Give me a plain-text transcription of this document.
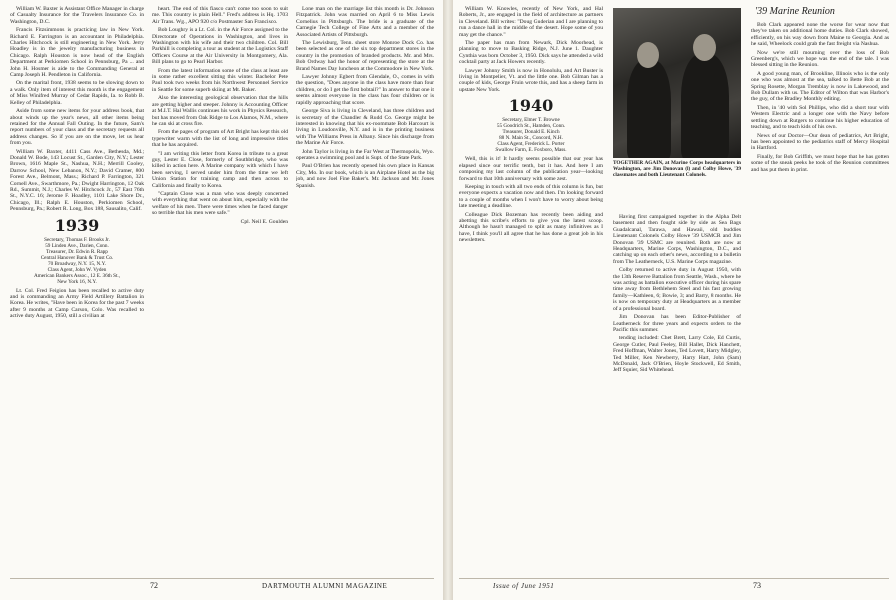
William W. Baxter is Assistant Office Manager in charge of Casualty Insurance for the Travelers Insurance Co. in Washington, D.C.

Francis Fitzsimmons is practicing law in New York. Richard E. Farrington is an accountant in Philadelphia. Charles Hitchcock is still engineering in New York. Jerry Hoadley is in the jewelry manufacturing business in Chicago. Ralph Houston is now head of the English Department at Perkiomen School in Pennsburg, Pa ... and John H. Hosmer is aide to the Commanding General at Camp Joseph H. Pendleton in California.

On the marital front, 1938 seems to be slowing down to a walk. Only item of interest this month is the engagement of Miss Winifred Murray of Cedar Rapids, Ia. to Robb B. Kelley of Philadelphia.

Aside from some new items for your address book, that about winds up the year's news, all other items being retained for the Annual Fall Outing. In the future, Sam's report numbers of your class and the secretary requests all address changes. So if you are on the move, let us hear from you.

William W. Baxter, 4411 Cass Ave., Bethesda, Md.; Donald W. Bode, 143 Locust St., Garden City, N.Y.; Lester Brown, 1616 Maple St., Nashua, N.H.; Merrill Cooley, Darrow School, New Lebanon, N.Y.; David Cramer, 800 Forest Ave., Belmont, Mass.; Richard P. Farrington, 321 Cornell Ave., Swarthmore, Pa.; Dwight Harrington, 12 Oak Rd., Summit, N.J.; Charles W. Hitchcock Jr., 57 East 76th St., N.Y.C. 16; Jerome F. Hoadley, 1101 Lake Shore Dr., Chicago, Ill.; Ralph E. Houston, Perkiomen School, Pennsburg, Pa.; Robert R. Long, Box 188, Sausalito, Calif.

1939

Secretary, Thomas F. Brooks Jr.

59 Linden Ave., Darien, Conn.

Treasurer, Dr. Edwin R. Rapp

Central Hanover Bank & Trust Co.

70 Broadway, N.Y. 15, N.Y.

Class Agent, John W. Vyden

American Bankers Assoc., 12 E. 36th St.,

New York 16, N.Y.

Lt. Col. Fred Feigion has been recalled to active duty and is commanding an Army Field Artillery Battalion in Korea. He writes, "Have been in Korea for the past 7 weeks after 9 months at Camp Carson, Colo. Was recalled to active duty August, 1950, still a civilian at

heart. The end of this fiasco can't come too soon to suit me. This country is plain Hell." Fred's address is Hq. 1703 Air Trans. Wg., APO 920 c/o Postmaster San Francisco.

Bob Loughry is a Lt. Col. in the Air Force assigned to the Directorate of Operations in Washington, and lives in Washington with his wife and their two children. Col. Bill Parkhill is completing a tour as student at the Logistics Staff Officers Course at the Air University in Montgomery, Ala. Bill plans to go to Pearl Harbor.

From the latest information some of the class at least are in some rather excellent sitting this winter. Bachelor Pete Paul took two weeks from his Northwest Personnel Service in Seattle for some superb skiing at Mt. Baker.

Also the interesting geological observation that the hills are getting higher and steeper. Johnny is Accounting Officer at M.I.T. Hal Wallis continues his work in Physics Research, but has moved from Oak Ridge to Los Alamos, N.M., where he can ski at cross fire.

From the pages of program of Art Bright has kept this old typewriter warm with the list of long and impressive titles that he has acquired.

"I am writing this letter from Korea in tribute to a great guy, Lester E. Close, formerly of Southbridge, who was killed in action here. A Marine company with which I have been serving, I served under him from the time we left Union Station for training camp and then across to California and finally to Korea.

"Captain Close was a man who was deeply concerned with everything that went on about him, especially with the welfare of his men. There were times when he faced danger so terrible that his men were safe."

Cpl. Neil E. Goulden

Lone man on the marriage list this month is Dr. Johnson Fitzpatrick. John was married on April 6 to Miss Lewis Cornelius in Pittsburgh. The bride is a graduate of the Carnegie Tech College of Fine Arts and a member of the Associated Artists of Pittsburgh.

The Lewisburg, Tenn. sheet store Monroe Dock Co. has been selected as one of the six top department stores in the country in the promotion of branded products. Mr. and Mrs. Bob Ordway had the honor of representing the store at the Brand Names Day luncheon at the Commodore in New York.

Lawyer Johnny Egbert from Glendale, O., comes in with the question, "Does anyone in the class have more than four children, or do I get the first bobtail?" In answer to that one it seems almost everyone in the class has four children or is rapidly approaching that score.

George Siva is living in Cleveland, has three children and is secretary of the Chandler & Rudd Co. George might be interested in knowing that his ex-roommate Bob Harcourt is living in Loudonville, N.Y. and is in the printing business with The Williams Press in Albany. Since his discharge from the Marine Air Force.

John Taylor is living in the Far West at Thermopolis, Wyo. operates a swimming pool and is Supt. of the State Park.

Paul O'Brien has recently opened his own place in Kansas City, Mo. In our book, which is an Airplane Hotel as the big job, and now Joel Fine Baker's. Mr. Jackson and Mr. Jones Spanish.

72	DARTMOUTH ALUMNI MAGAZINE

William W. Knowles, recently of New York, and Hal Roberts, Jr., are engaged in the field of architecture as partners in Cleveland. Bill writes: "Doug Guderian and I are planning to run a dance hall in the middle of the desert. Hope some of you may get the chance."

The paper has man from Newark, Dick Moorhead, is planning to move to Basking Ridge, N.J. June 1. Daughter Cynthia was born October 3, 1950. Dick says he attended a wild cocktail party at Jack Howers recently.

Lawyer Johnny Smith is now in Honolulu, and Art Buster is living in Montpelier, Vt. and the little one. Bob Gilman has a couple of kids, George Fruin wrote this, and has a sheep farm in upstate New York.

1940

Secretary, Elmer T. Browne

55 Goodrich St., Hamden, Conn.

Treasurer, Donald E. Kinch

88 N. Main St., Concord, N.H.

Class Agent, Frederick L. Porter

Swallow Farm, E. Foxboro, Mass.

Well, this is it! It hardly seems possible that our year has elapsed since our terrific tenth, but it has. And here I am composing my last column of the publication year—looking forward to that 10th anniversary with some zest.

Keeping in touch with all two ends of this column is fun, but everyone expects a vacation now and then. I'm looking forward to a couple of months when I won't have to worry about being late meeting a deadline.

Colleague Dick Bozeman has recently been aiding and abetting this scribe's efforts to give you the latest scoop. Although he hasn't managed to split as many infinitives as I have, I think you'll all agree that he has done a great job in his newsletters.

'39 Marine Reunion
TOGETHER AGAIN, at Marine Corps headquarters in Washington, are Jim Donovan (l) and Colby Howe, '39 classmates and both Lieutenant Colonels.

Having first campaigned together in the Alpha Delt basement and then fought side by side as Sea Bags Guadalcanal, Tarawa, and Hawaii, old buddies Lieutenant Colonels Colby Howe '39 USMCR and Jim Donovan '39 USMC are reunited. Both are now at Headquarters, Marine Corps, Washington, D.C., and catching up on each other's news, according to a bulletin from The Leatherneck, U.S. Marine Corps magazine.

Colby returned to active duty in August 1950, with the 13th Reserve Battalion from Seattle, Wash., where he was acting as battalion executive officer during his spare time away from Bethlehem Steel and his fast growing family—Kathleen, 6; Bowie, 3; and Barry, 8 months. He is now on temporary duty at Headquarters as a member of a professional board.

Jim Donovan has been Editor-Publisher of Leatherneck for three years and expects orders to the Pacific this summer.

tending included: Chet Brett, Larry Cole, Ed Curtis, George Cutler, Paul Feeley, Bill Hallet, Dick Hanchett, Fred Hoffman, Walter Jones, Ted Lovett, Harry Midgley, Ted Miller, Ken Newberry, Harry Hart, John (Sam) McDonald, Jack O'Brien, Hoyle Stockwell, Ed Smith, Jeff Squier, Sid Whitehead.

Bob Clark appeared none the worse for wear now that they've taken on additional home duties. Bob Clark showed, efficiently, on his way down from Maine to Georgia. And as he said, Wheelock could grab the fast freight via Nashua.

Now we're still mourning over the loss of Bob Greenberg's, which we hope was the end of the tale. I was blessed sitting in the Reunion.

A good young man, of Brookline, Illinois who is the only one who was almost at the sea, talked to Bette Bob at the Spring Rosette, Morgan Tremblay is now in Lakewood, and Bob Dullam with us. The Editor of Wilton that was Harbor's the guy, of the Bradley Monthly editing.

Then, in '40 with Sol Phillips, who did a short tour with Western Electric and a longer one with the Navy before settling down at Rutgers to continue his higher education of teaching, and to teach kids of his own.

News of our Doctor—Our dean of pediatrics, Art Bright, has been appointed to the pediatrics staff of Mercy Hospital in Hartford.

Finally, for Bob Griffith, we must hope that he has gotten some of the sneak peeks he took of the Reunion committees and has put them in print.

Issue of June 1951	73
